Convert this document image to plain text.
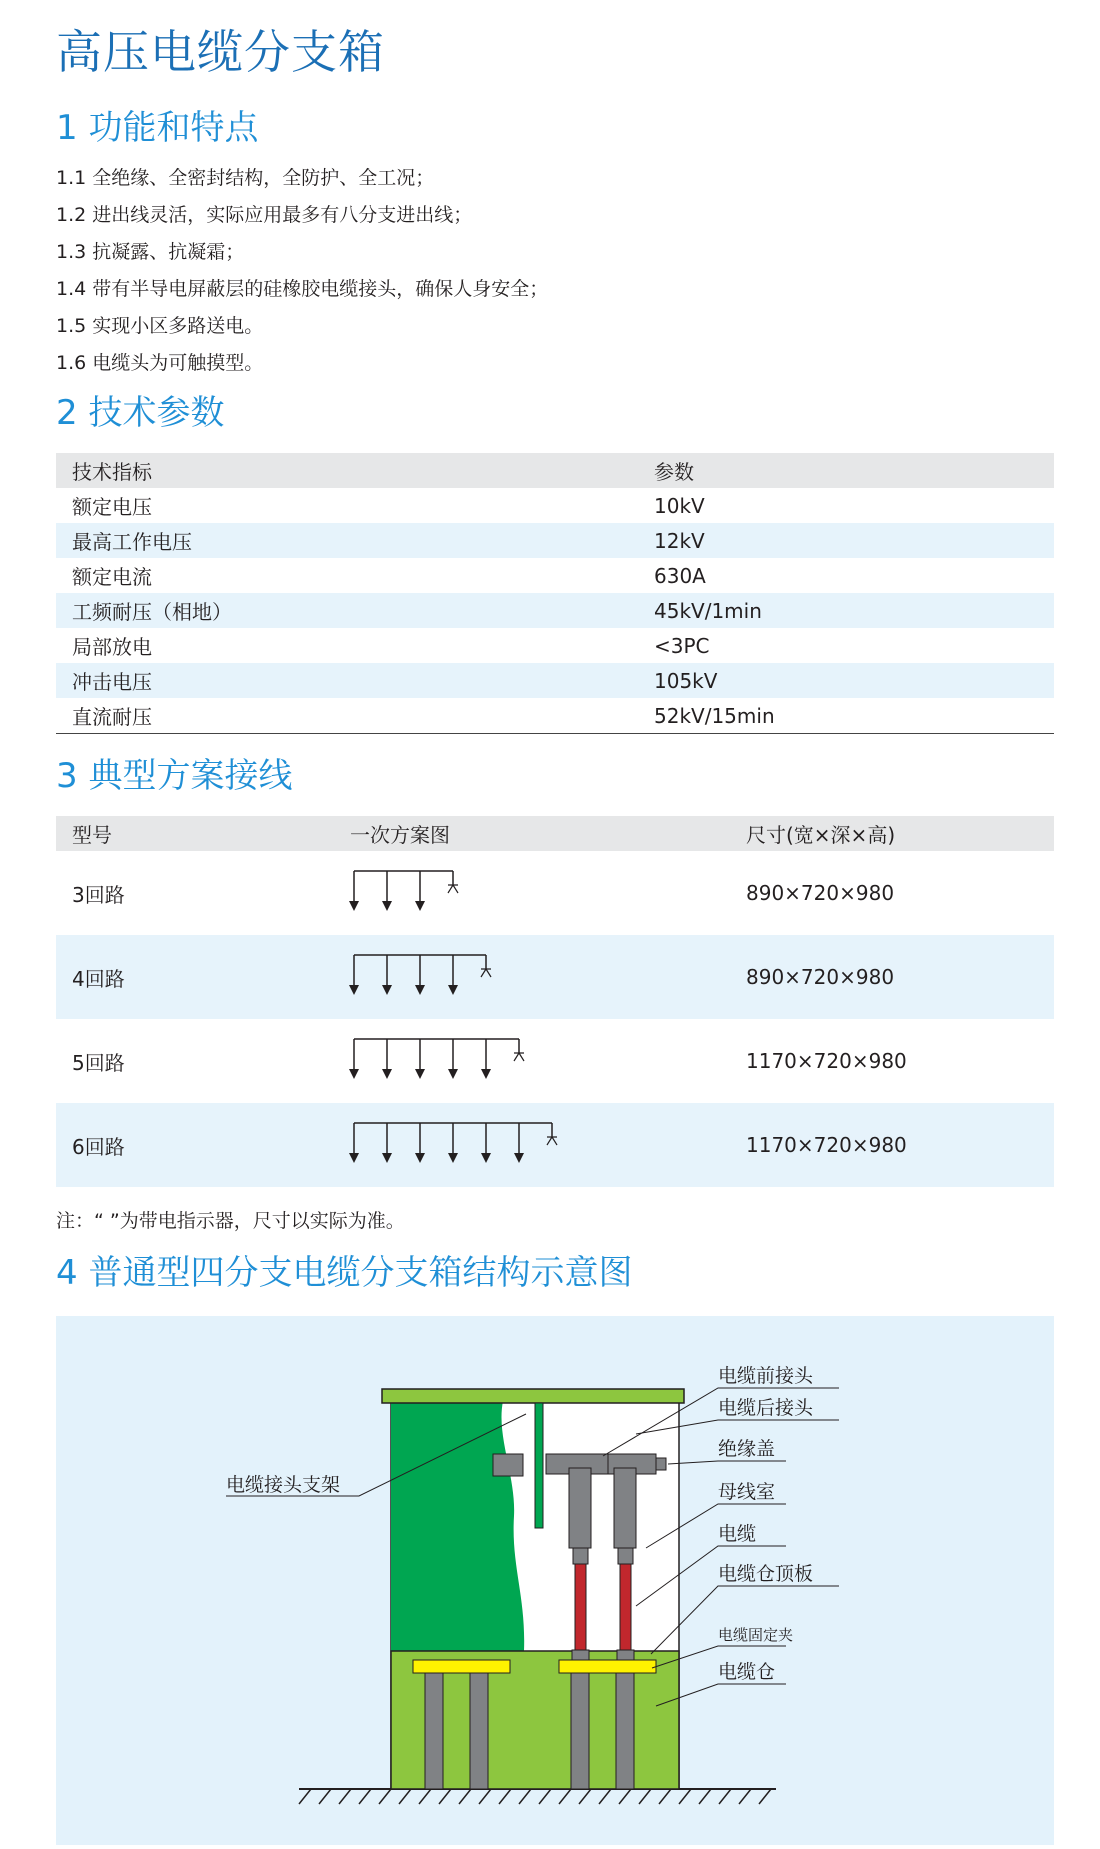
高压电缆分支箱
1 功能和特点
1.1 全绝缘、全密封结构，全防护、全工况；
1.2 进出线灵活，实际应用最多有八分支进出线；
1.3 抗凝露、抗凝霜；
1.4 带有半导电屏蔽层的硅橡胶电缆接头，确保人身安全；
1.5 实现小区多路送电。
1.6 电缆头为可触摸型。
2 技术参数
技术指标	参数
额定电压	10kV
最高工作电压	12kV
额定电流	630A
工频耐压（相地）	45kV/1min
局部放电	<3PC
冲击电压	105kV
直流耐压	52kV/15min
3 典型方案接线
型号	一次方案图	尺寸(宽×深×高)
3回路		890×720×980
4回路		890×720×980
5回路		1170×720×980
6回路		1170×720×980
注：“ ”为带电指示器，尺寸以实际为准。
4 普通型四分支电缆分支箱结构示意图
电缆接头支架
电缆前接头
电缆后接头
绝缘盖
母线室
电缆
电缆仓顶板
电缆固定夹
电缆仓
